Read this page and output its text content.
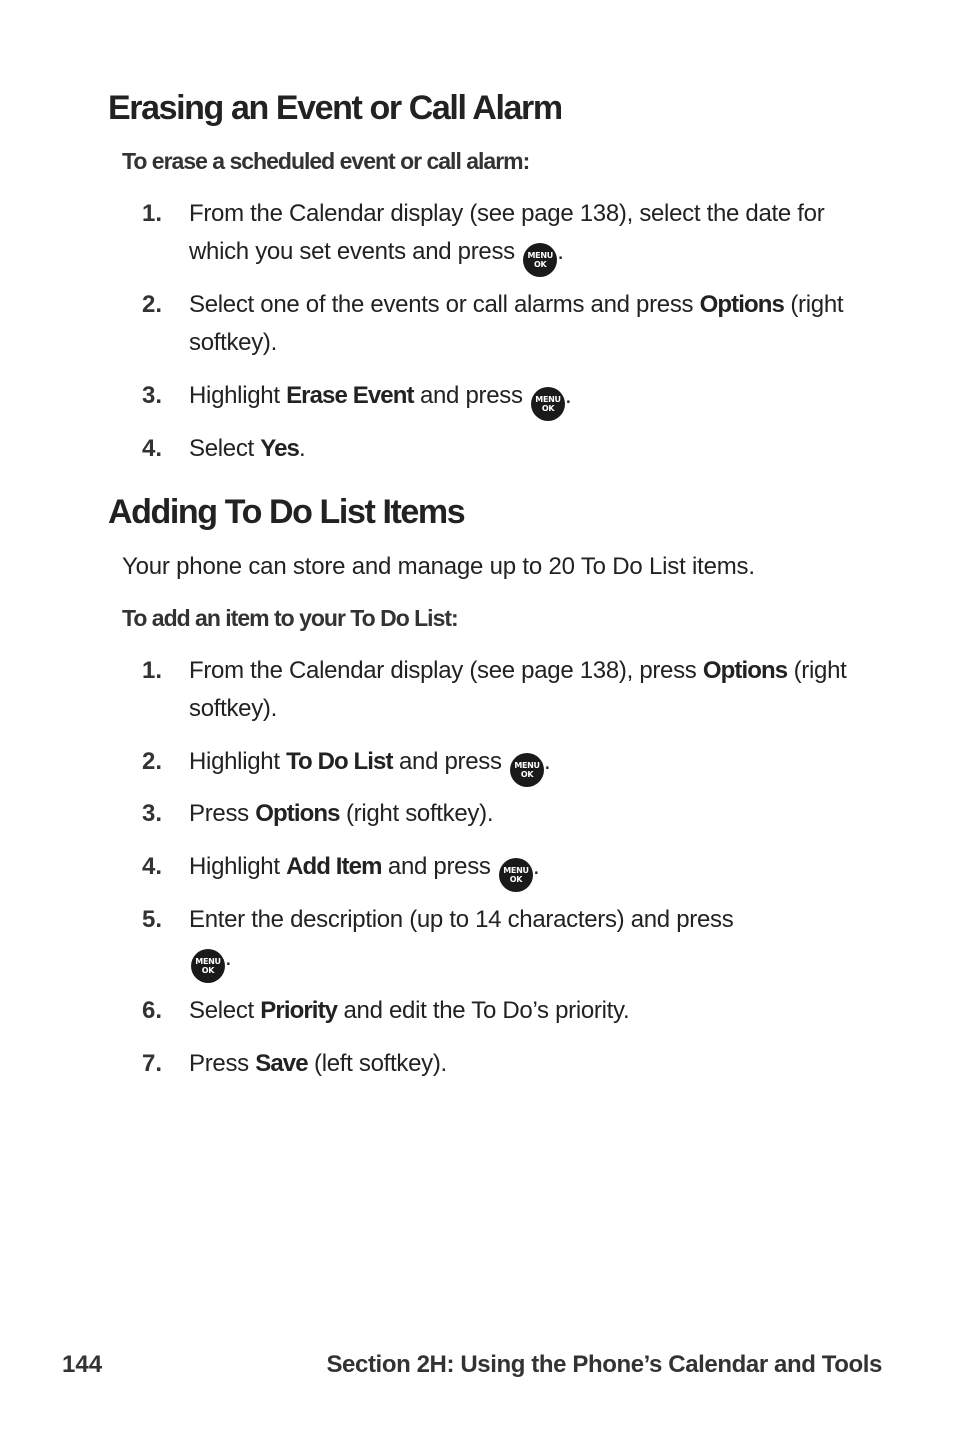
Erasing an Event or Call Alarm

To erase a scheduled event or call alarm:

1.	From the Calendar display (see page 138), select the date for which you set events and press MENU
OK .
2.	Select one of the events or call alarms and press Options (right softkey).
3.	Highlight Erase Event and press MENU
OK .
4.	Select Yes.
Adding To Do List Items

Your phone can store and manage up to 20 To Do List items.

To add an item to your To Do List:

1.	From the Calendar display (see page 138), press Options (right softkey).
2.	Highlight To Do List and press MENU
OK .
3.	Press Options (right softkey).
4.	Highlight Add Item and press MENU
OK .
5.	Enter the description (up to 14 characters) and press
MENU
OK .
6.	Select Priority and edit the To Do’s priority.
7.	Press Save (left softkey).
144	Section 2H: Using the Phone’s Calendar and Tools
